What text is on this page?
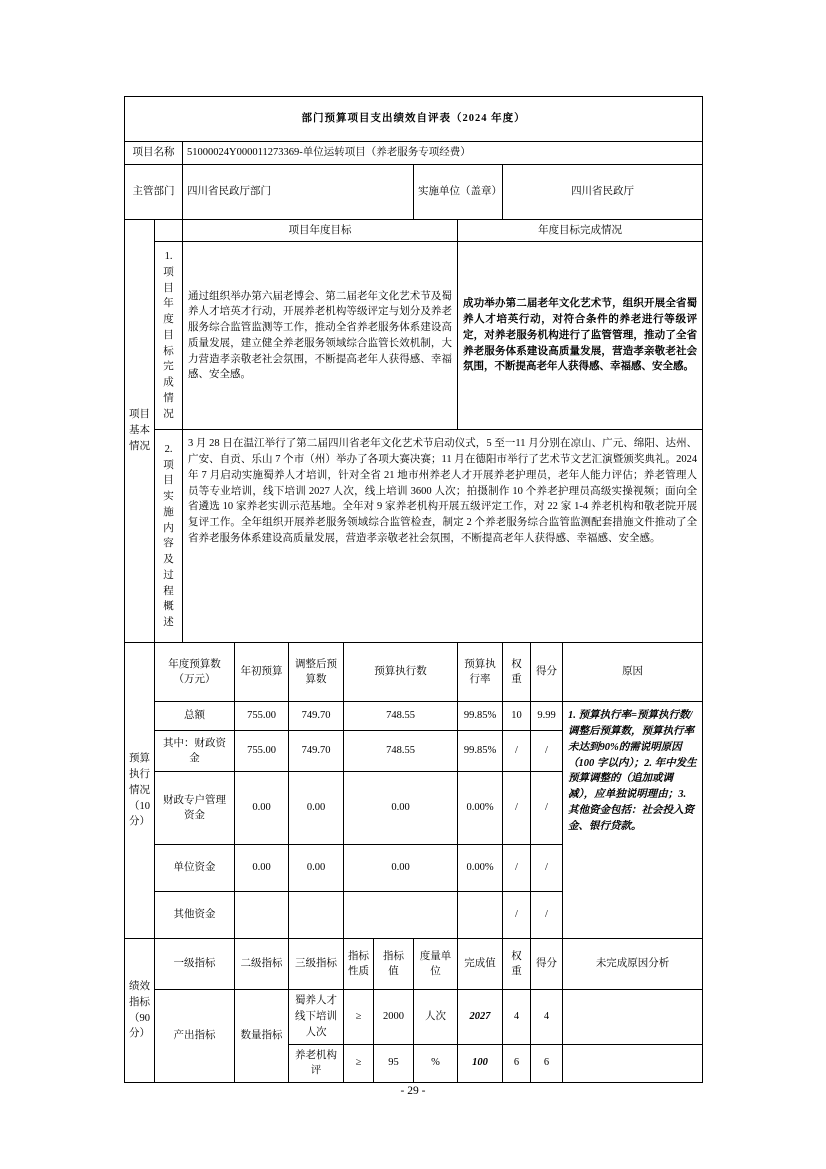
部门预算项目支出绩效自评表（2024 年度）											
项目名称		51000024Y000011273369-单位运转项目（养老服务专项经费）									
主管部门		四川省民政厅部门					实施单位（盖章）		四川省民政厅		
项目基本情况		项目年度目标						年度目标完成情况			
	1. 项目年度目标完成情况	通过组织举办第六届老博会、第二届老年文化艺术节及蜀养人才培英才行动，开展养老机构等级评定与划分及养老服务综合监管监测等工作，推动全省养老服务体系建设高质量发展，建立健全养老服务领域综合监管长效机制，大力营造孝亲敬老社会氛围，不断提高老年人获得感、幸福感、安全感。						成功举办第二届老年文化艺术节，组织开展全省蜀养人才培英行动，对符合条件的养老进行等级评定，对养老服务机构进行了监管管理，推动了全省养老服务体系建设高质量发展，营造孝亲敬老社会氛围，不断提高老年人获得感、幸福感、安全感。			
	2. 项目实施内容及过程概述	3 月 28 日在温江举行了第二届四川省老年文化艺术节启动仪式，5 至一11 月分别在凉山、广元、绵阳、达州、广安、自贡、乐山 7 个市（州）举办了各项大赛决赛；11 月在德阳市举行了艺术节文艺汇演暨颁奖典礼。2024 年 7 月启动实施蜀养人才培训，针对全省 21 地市州养老人才开展养老护理员，老年人能力评估；养老管理人员等专业培训，线下培训 2027 人次，线上培训 3600 人次；拍摄制作 10 个养老护理员高级实操视频；面向全省遴选 10 家养老实训示范基地。全年对 9 家养老机构开展五级评定工作，对 22 家 1-4 养老机构和敬老院开展复评工作。全年组织开展养老服务领域综合监管检查，制定 2 个养老服务综合监管监测配套措施文件推动了全省养老服务体系建设高质量发展，营造孝亲敬老社会氛围，不断提高老年人获得感、幸福感、安全感。									
预算执行情况（10 分）	年度预算数（万元）		年初预算	调整后预算数	预算执行数			预算执行率	权重	得分	原因
	总额		755.00	749.70	748.55			99.85%	10	9.99	1. 预算执行率=预算执行数/调整后预算数，预算执行率未达到90%的需说明原因（100 字以内）；2. 年中发生预算调整的（追加或调减），应单独说明理由；3. 其他资金包括：社会投入资金、银行贷款。
	其中：财政资金		755.00	749.70	748.55			99.85%	/	/	
	财政专户管理资金		0.00	0.00	0.00			0.00%	/	/	
	单位资金		0.00	0.00	0.00			0.00%	/	/	
	其他资金								/	/	
绩效指标（90 分）	一级指标		二级指标	三级指标	指标性质	指标值	度量单位	完成值	权重	得分	未完成原因分析
	产出指标		数量指标	蜀养人才线下培训人次	≥	2000	人次	2027	4	4	
				养老机构评	≥	95	%	100	6	6	
- 29 -
